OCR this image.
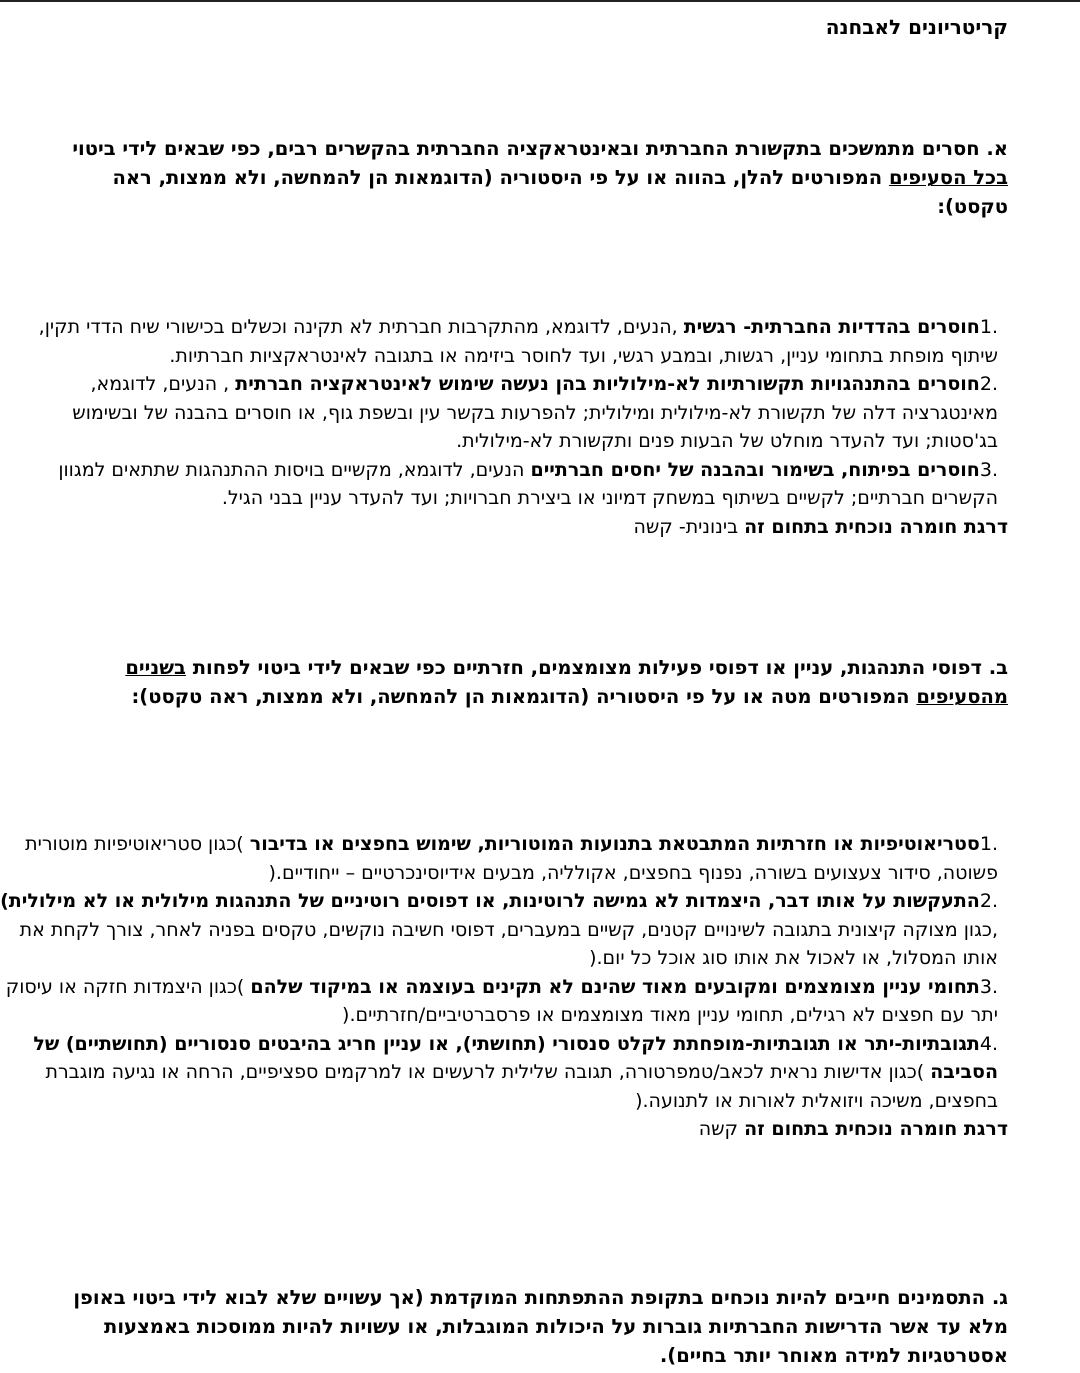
קריטריונים לאבחנה
א. חסרים מתמשכים בתקשורת החברתית ובאינטראקציה החברתית בהקשרים רבים, כפי שבאים לידי ביטוי בכל הסעיפים המפורטים להלן, בהווה או על פי היסטוריה (הדוגמאות הן להמחשה, ולא ממצות, ראה טקסט):
.1חוסרים בהדדיות החברתית- רגשית ,הנעים, לדוגמא, מהתקרבות חברתית לא תקינה וכשלים בכישורי שיח הדדי תקין, שיתוף מופחת בתחומי עניין, רגשות, ובמבע רגשי, ועד לחוסר ביזימה או בתגובה לאינטראקציות חברתיות.
.2חוסרים בהתנהגויות תקשורתיות לא-מילוליות בהן נעשה שימוש לאינטראקציה חברתית , הנעים, לדוגמא, מאינטגרציה דלה של תקשורת לא-מילולית ומילולית; להפרעות בקשר עין ובשפת גוף, או חוסרים בהבנה של ובשימוש בג'סטות; ועד להעדר מוחלט של הבעות פנים ותקשורת לא-מילולית.
.3חוסרים בפיתוח, בשימור ובהבנה של יחסים חברתיים הנעים, לדוגמא, מקשיים בויסות ההתנהגות שתתאים למגוון הקשרים חברתיים; לקשיים בשיתוף במשחק דמיוני או ביצירת חברויות; ועד להעדר עניין בבני הגיל.
דרגת חומרה נוכחית בתחום זה בינונית- קשה
ב. דפוסי התנהגות, עניין או דפוסי פעילות מצומצמים, חזרתיים כפי שבאים לידי ביטוי לפחות בשניים מהסעיפים המפורטים מטה או על פי היסטוריה (הדוגמאות הן להמחשה, ולא ממצות, ראה טקסט):
.1סטריאוטיפיות או חזרתיות המתבטאת בתנועות המוטוריות, שימוש בחפצים או בדיבור )כגון סטריאוטיפיות מוטורית פשוטה, סידור צעצועים בשורה, נפנוף בחפצים, אקולליה, מבעים אידיוסינכרטיים – ייחודיים.(
.2התעקשות על אותו דבר, היצמדות לא גמישה לרוטינות, או דפוסים רוטיניים של התנהגות מילולית או לא מילולית) ,כגון מצוקה קיצונית בתגובה לשינויים קטנים, קשיים במעברים, דפוסי חשיבה נוקשים, טקסים בפניה לאחר, צורך לקחת את אותו המסלול, או לאכול את אותו סוג אוכל כל יום.(
.3תחומי עניין מצומצמים ומקובעים מאוד שהינם לא תקינים בעוצמה או במיקוד שלהם )כגון היצמדות חזקה או עיסוק יתר עם חפצים לא רגילים, תחומי עניין מאוד מצומצמים או פרסברטיביים/חזרתיים.(
.4תגובתיות-יתר או תגובתיות-מופחתת לקלט סנסורי (תחושתי), או עניין חריג בהיבטים סנסוריים (תחושתיים) של הסביבה )כגון אדישות נראית לכאב/טמפרטורה, תגובה שלילית לרעשים או למרקמים ספציפיים, הרחה או נגיעה מוגברת בחפצים, משיכה ויזואלית לאורות או לתנועה.(
דרגת חומרה נוכחית בתחום זה קשה
ג. התסמינים חייבים להיות נוכחים בתקופת ההתפתחות המוקדמת (אך עשויים שלא לבוא לידי ביטוי באופן מלא עד אשר הדרישות החברתיות גוברות על היכולות המוגבלות, או עשויות להיות ממוסכות באמצעות אסטרטגיות למידה מאוחר יותר בחיים).
